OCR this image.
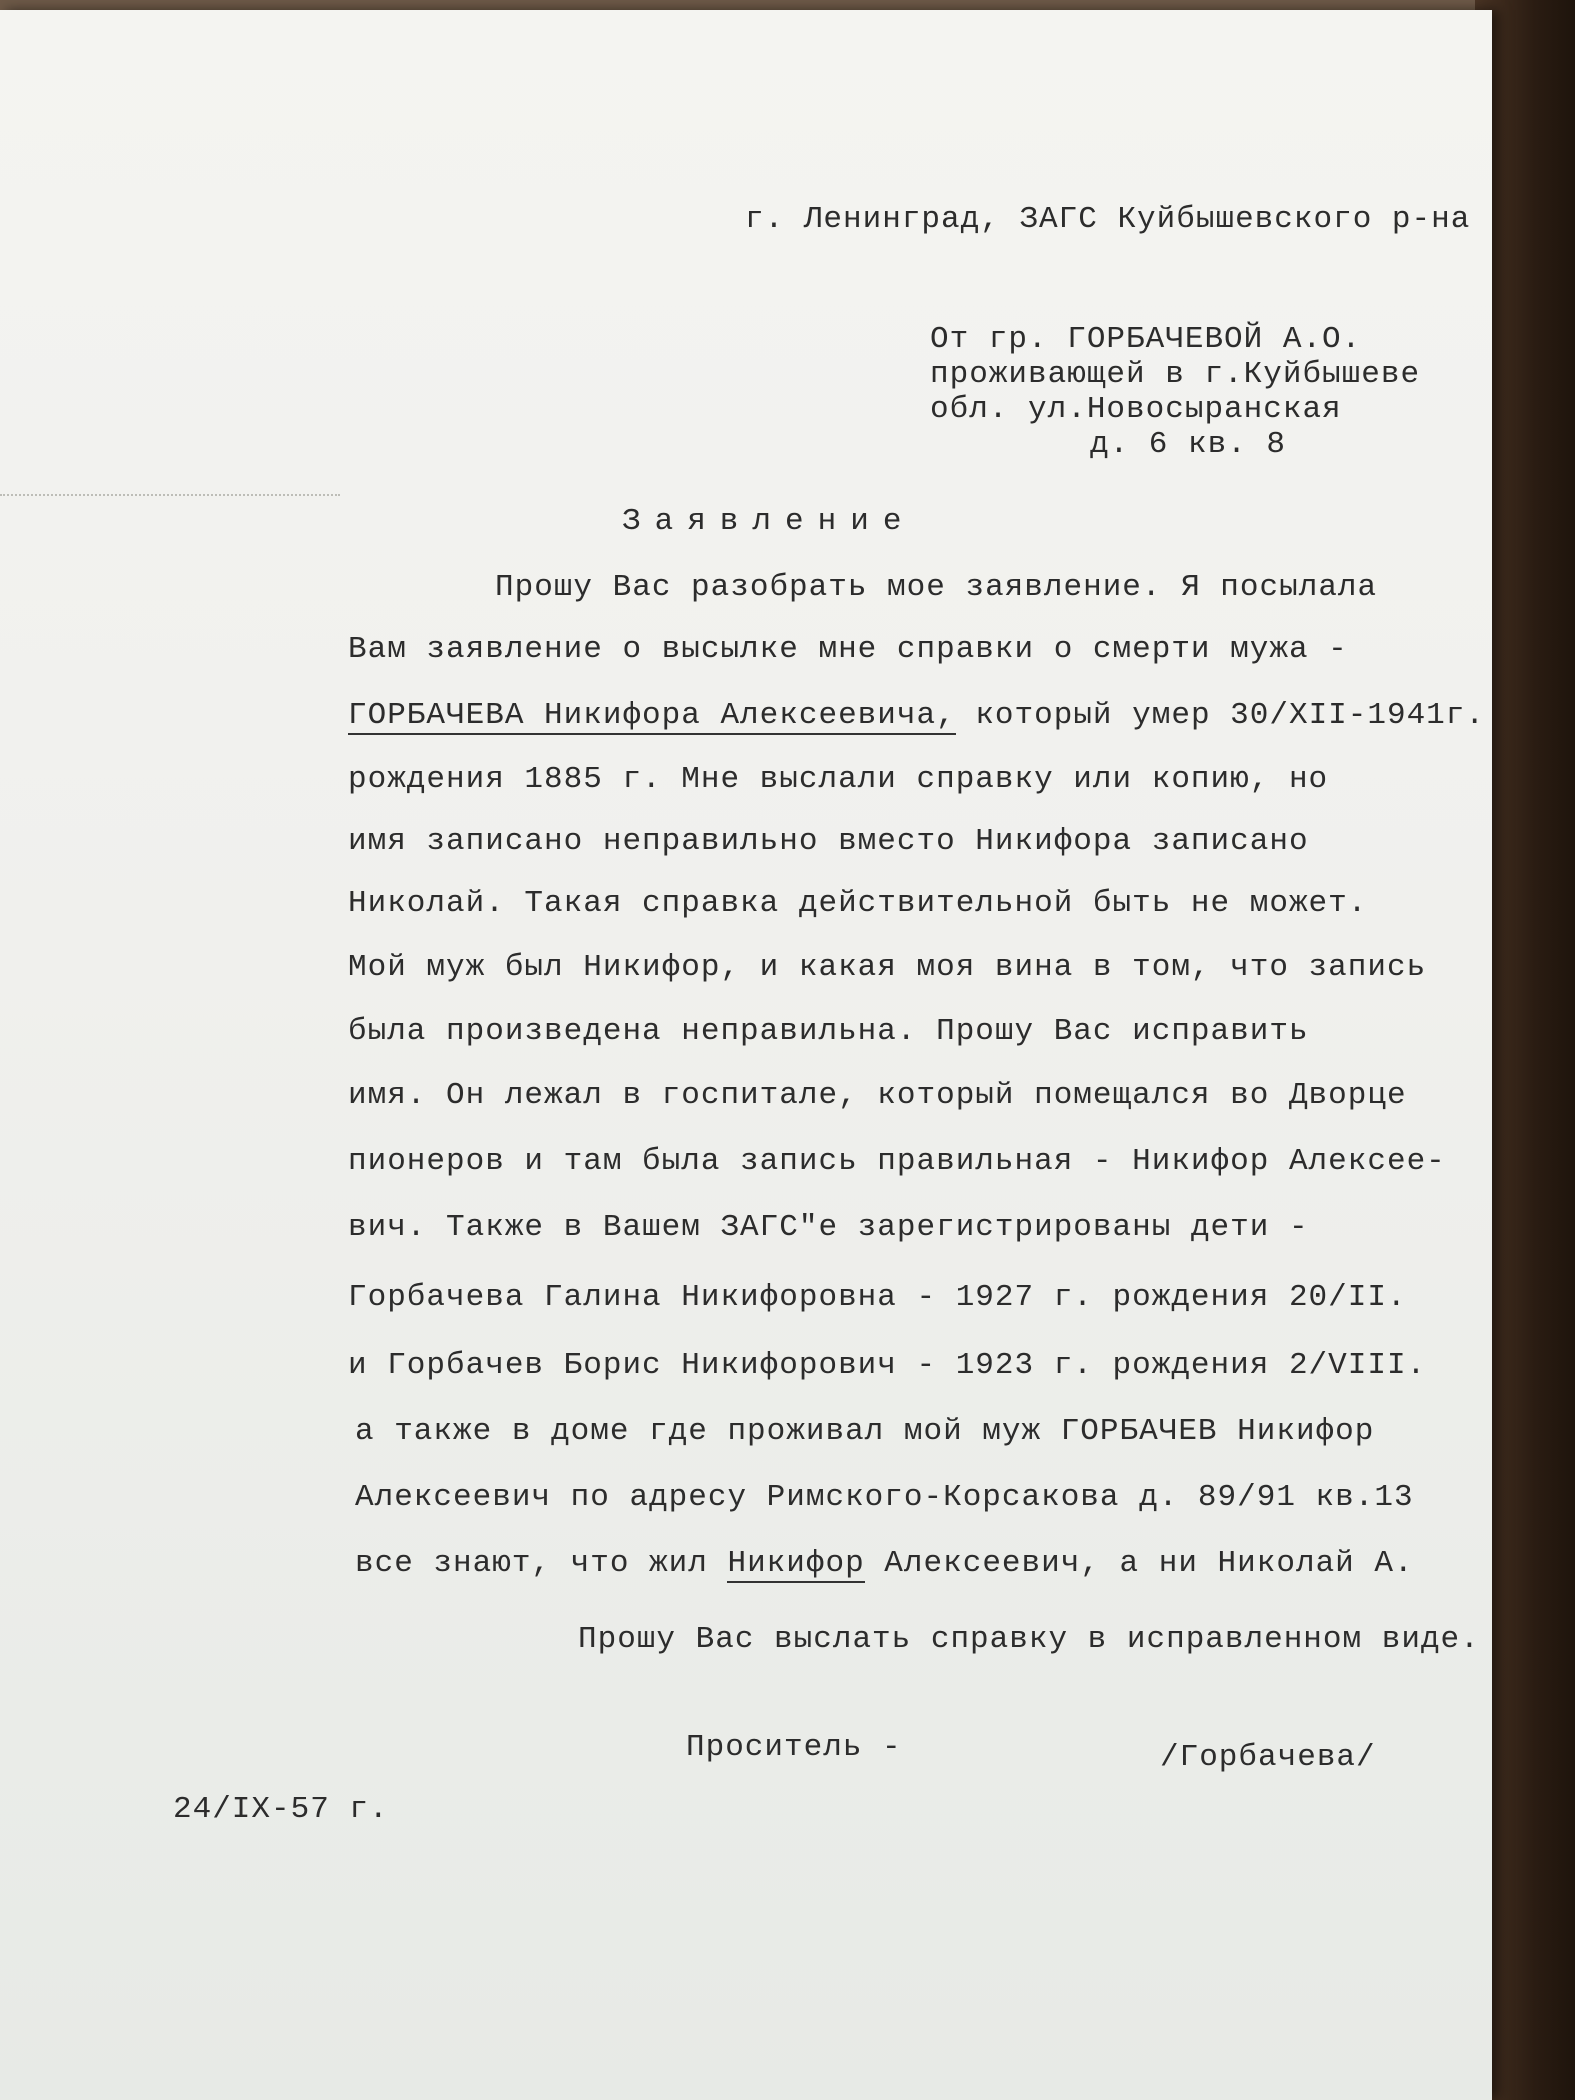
г. Ленинград, ЗАГС Куйбышевского р-на

От гр. ГОРБАЧЕВОЙ А.О.

проживающей в г.Куйбышеве

обл. ул.Новосыранская

д. 6 кв. 8

Заявление

Прошу Вас разобрать мое заявление. Я посылала

Вам заявление о высылке мне справки о смерти мужа -

ГОРБАЧЕВА Никифора Алексеевича, который умер 30/XII-1941г.

рождения 1885 г. Мне выслали справку или копию, но

имя записано неправильно вместо Никифора записано

Николай. Такая справка действительной быть не может.

Мой муж был Никифор, и какая моя вина в том, что запись

была произведена неправильна. Прошу Вас исправить

имя. Он лежал в госпитале, который помещался во Дворце

пионеров и там была запись правильная - Никифор Алексее-

вич. Также в Вашем ЗАГС"е зарегистрированы дети -

Горбачева Галина Никифоровна - 1927 г. рождения 20/II.

и Горбачев Борис Никифорович - 1923 г. рождения 2/VIII.

а также в доме где проживал мой муж ГОРБАЧЕВ Никифор

Алексеевич по адресу Римского-Корсакова д. 89/91 кв.13

все знают, что жил Никифор Алексеевич, а ни Николай А.

Прошу Вас выслать справку в исправленном виде.

Проситель -	/Горбачева/

24/IX-57 г.
